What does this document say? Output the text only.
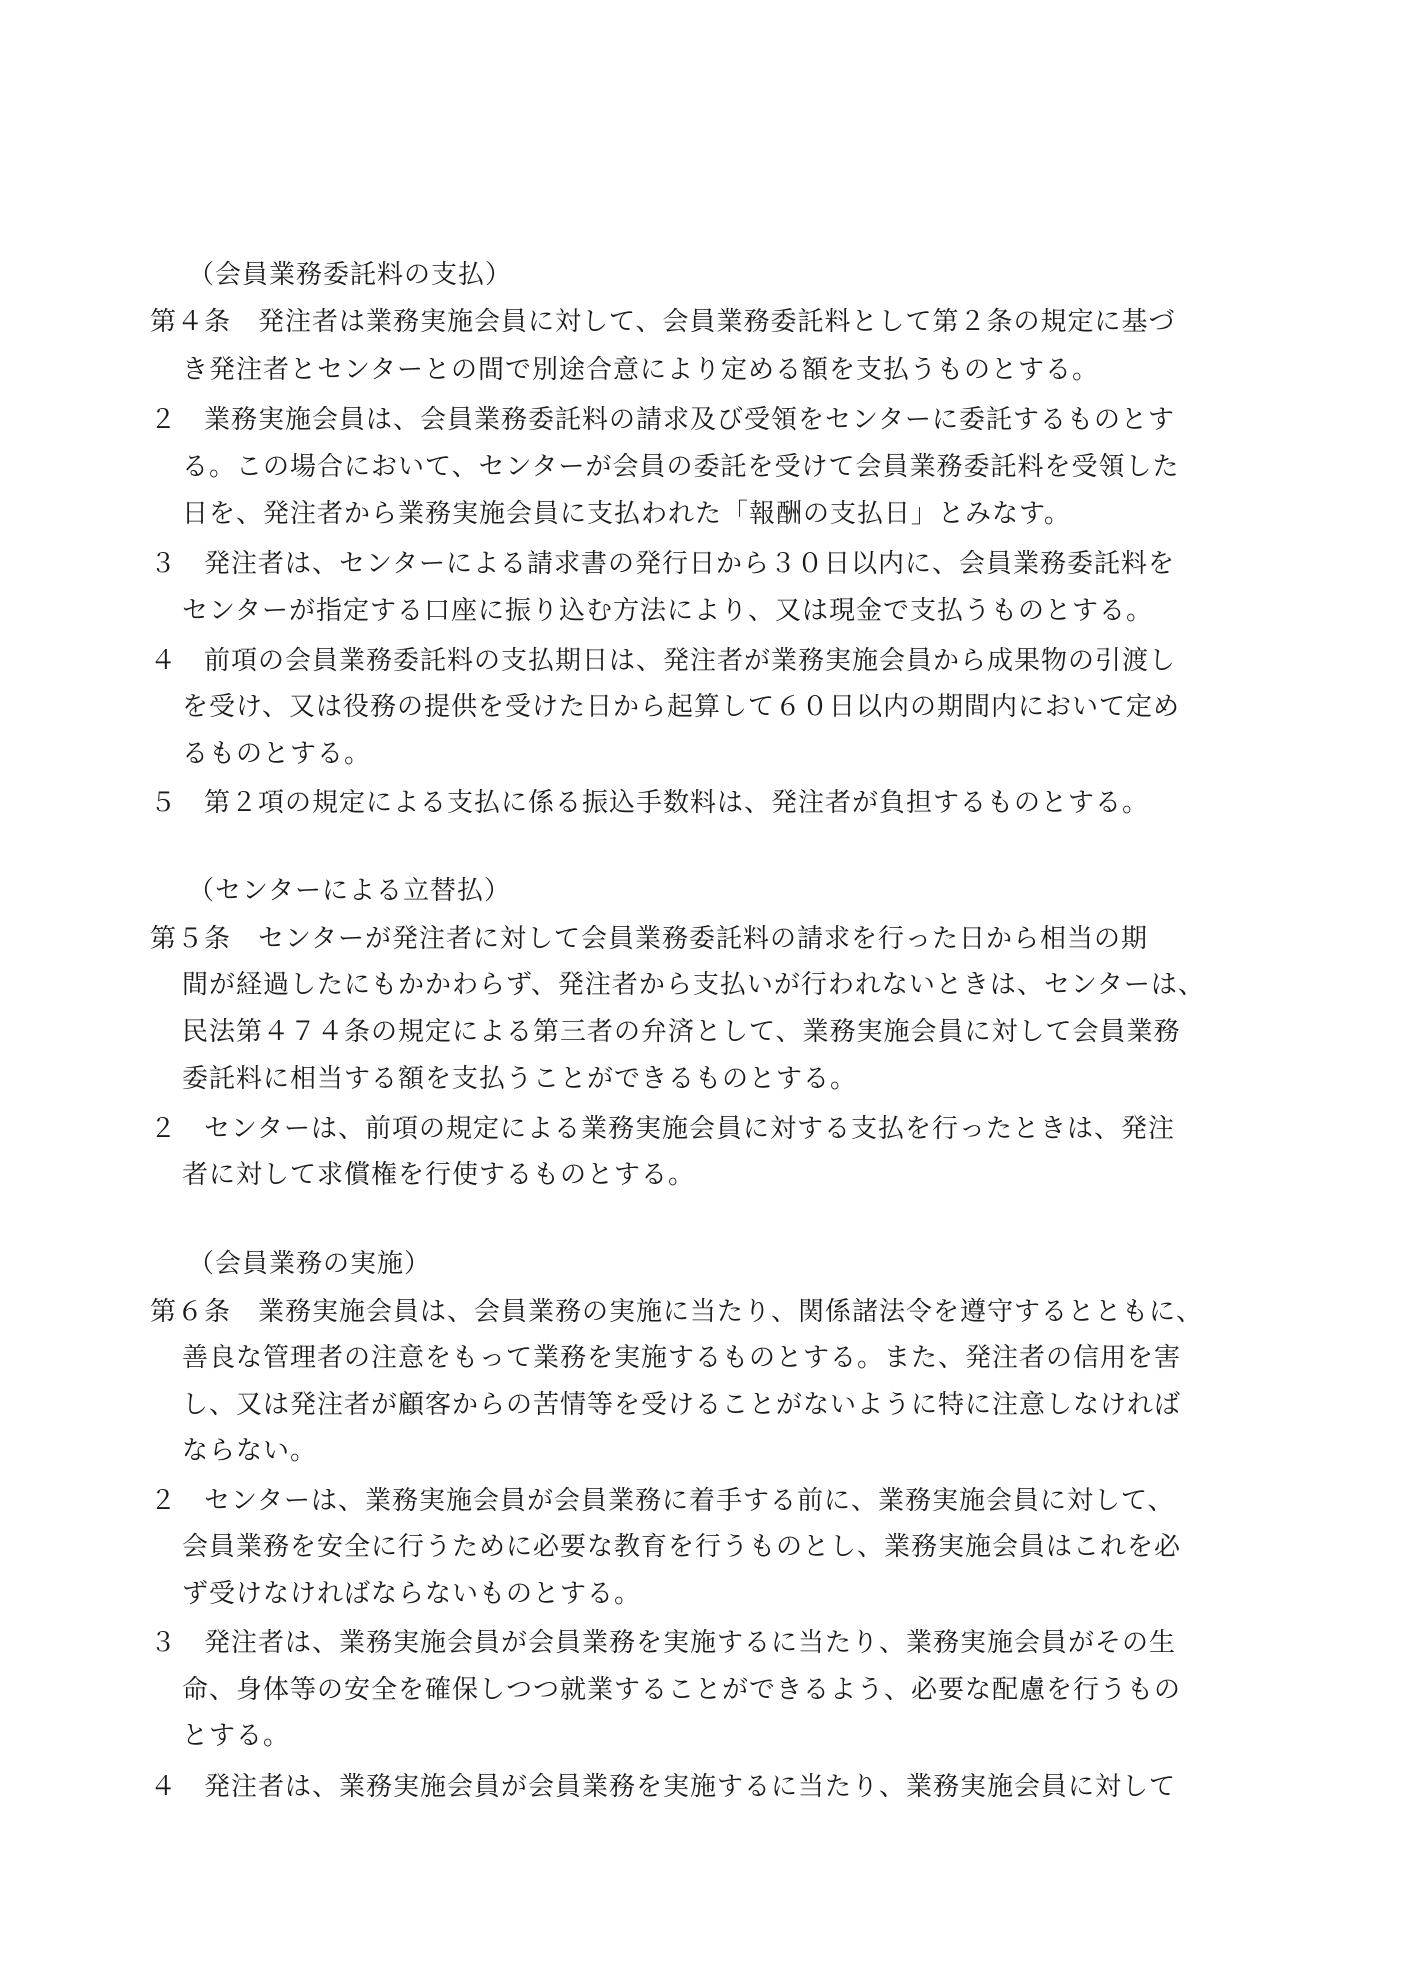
（会員業務委託料の支払）
第４条　発注者は業務実施会員に対して、会員業務委託料として第２条の規定に基づ
き発注者とセンターとの間で別途合意により定める額を支払うものとする。
２　業務実施会員は、会員業務委託料の請求及び受領をセンターに委託するものとす
る。この場合において、センターが会員の委託を受けて会員業務委託料を受領した
日を、発注者から業務実施会員に支払われた「報酬の支払日」とみなす。
３　発注者は、センターによる請求書の発行日から３０日以内に、会員業務委託料を
センターが指定する口座に振り込む方法により、又は現金で支払うものとする。
４　前項の会員業務委託料の支払期日は、発注者が業務実施会員から成果物の引渡し
を受け、又は役務の提供を受けた日から起算して６０日以内の期間内において定め
るものとする。
５　第２項の規定による支払に係る振込手数料は、発注者が負担するものとする。
（センターによる立替払）
第５条　センターが発注者に対して会員業務委託料の請求を行った日から相当の期
間が経過したにもかかわらず、発注者から支払いが行われないときは、センターは、
民法第４７４条の規定による第三者の弁済として、業務実施会員に対して会員業務
委託料に相当する額を支払うことができるものとする。
２　センターは、前項の規定による業務実施会員に対する支払を行ったときは、発注
者に対して求償権を行使するものとする。
（会員業務の実施）
第６条　業務実施会員は、会員業務の実施に当たり、関係諸法令を遵守するとともに、
善良な管理者の注意をもって業務を実施するものとする。また、発注者の信用を害
し、又は発注者が顧客からの苦情等を受けることがないように特に注意しなければ
ならない。
２　センターは、業務実施会員が会員業務に着手する前に、業務実施会員に対して、
会員業務を安全に行うために必要な教育を行うものとし、業務実施会員はこれを必
ず受けなければならないものとする。
３　発注者は、業務実施会員が会員業務を実施するに当たり、業務実施会員がその生
命、身体等の安全を確保しつつ就業することができるよう、必要な配慮を行うもの
とする。
４　発注者は、業務実施会員が会員業務を実施するに当たり、業務実施会員に対して
